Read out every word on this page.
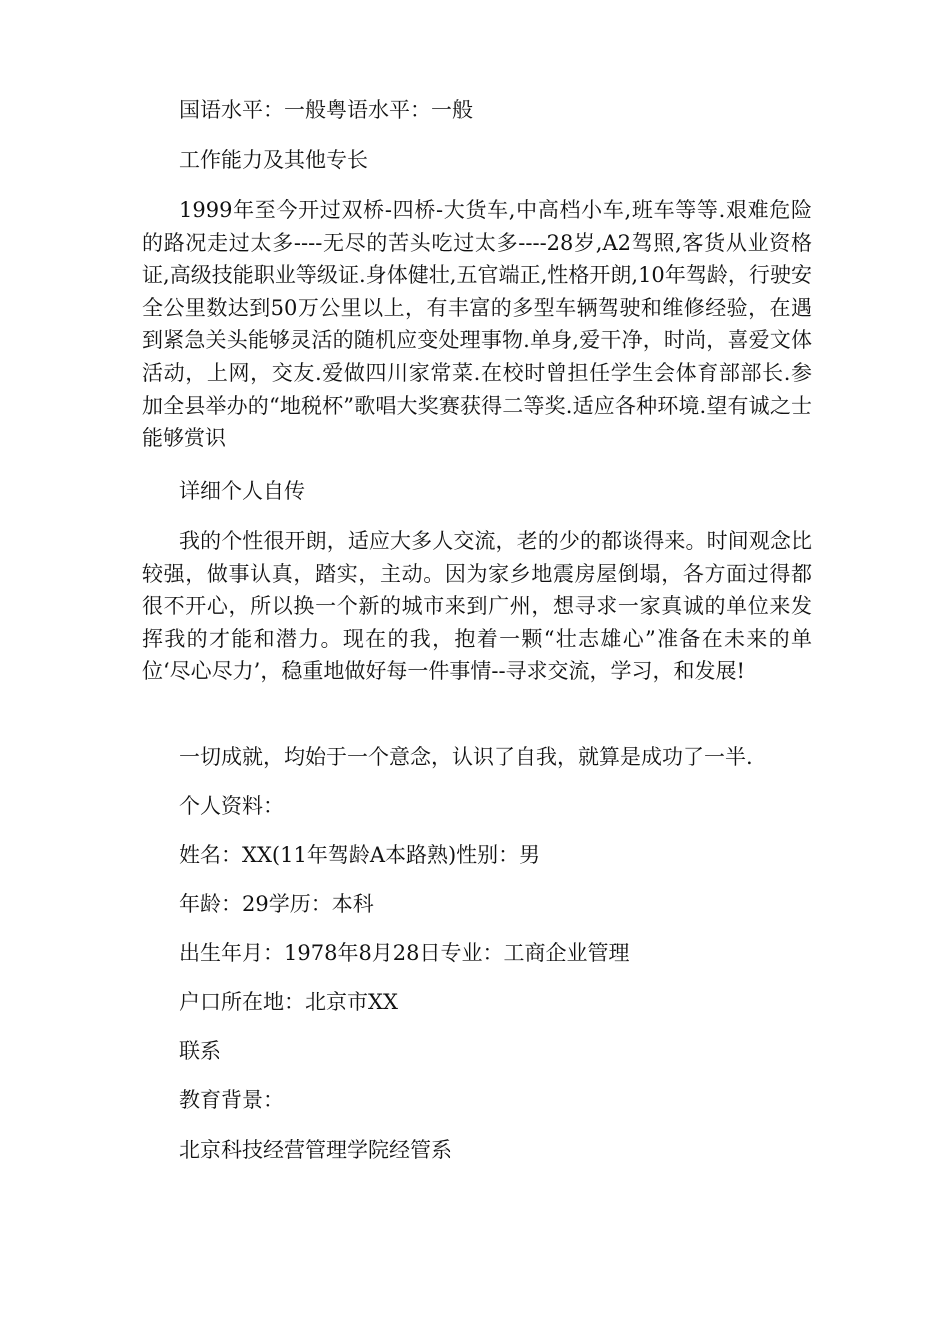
国语水平：一般粤语水平：一般

工作能力及其他专长

1999年至今开过双桥-四桥-大货车,中高档小车,班车等等.艰难危险的路况走过太多----无尽的苦头吃过太多----28岁,A2驾照,客货从业资格证,高级技能职业等级证.身体健壮,五官端正,性格开朗,10年驾龄，行驶安全公里数达到50万公里以上，有丰富的多型车辆驾驶和维修经验，在遇到紧急关头能够灵活的随机应变处理事物.单身,爱干净，时尚，喜爱文体活动，上网，交友.爱做四川家常菜.在校时曾担任学生会体育部部长.参加全县举办的“地税杯”歌唱大奖赛获得二等奖.适应各种环境.望有诚之士能够赏识

详细个人自传

我的个性很开朗，适应大多人交流，老的少的都谈得来。时间观念比较强，做事认真，踏实，主动。因为家乡地震房屋倒塌，各方面过得都很不开心，所以换一个新的城市来到广州，想寻求一家真诚的单位来发挥我的才能和潜力。现在的我，抱着一颗“壮志雄心”准备在未来的单位‘尽心尽力’，稳重地做好每一件事情--寻求交流，学习，和发展!

一切成就，均始于一个意念，认识了自我，就算是成功了一半.

个人资料：

姓名：XX(11年驾龄A本路熟)性别：男

年龄：29学历：本科

出生年月：1978年8月28日专业：工商企业管理

户口所在地：北京市XX

联系

教育背景：

北京科技经营管理学院经管系
